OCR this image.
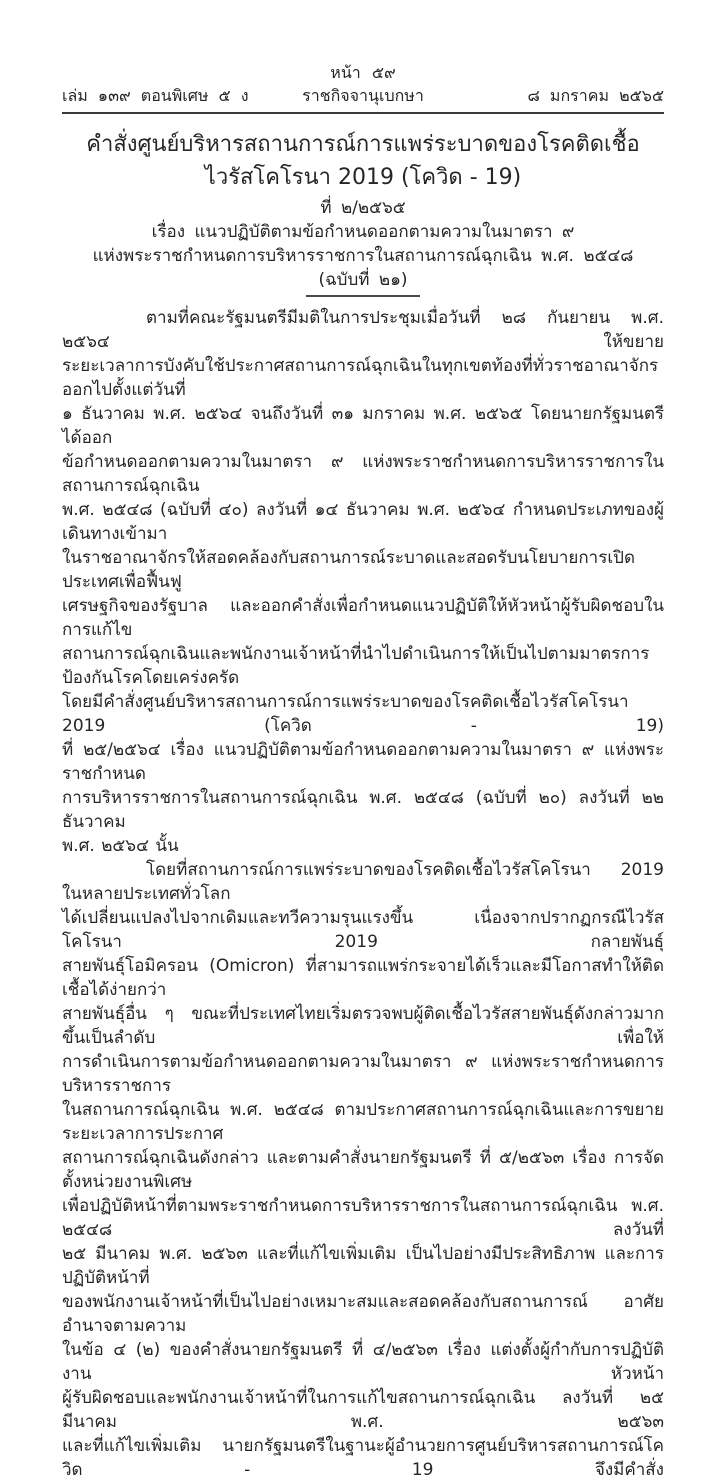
หน้า ๕๙
ราชกิจจานุเบกษา
เล่ม ๑๓๙ ตอนพิเศษ ๕ ง	๘ มกราคม ๒๕๖๕
คำสั่งศูนย์บริหารสถานการณ์การแพร่ระบาดของโรคติดเชื้อ
ไวรัสโคโรนา 2019 (โควิด - 19)
ที่ ๒/๒๕๖๕
เรื่อง แนวปฏิบัติตามข้อกำหนดออกตามความในมาตรา ๙
แห่งพระราชกำหนดการบริหารราชการในสถานการณ์ฉุกเฉิน พ.ศ. ๒๕๔๘
(ฉบับที่ ๒๑)
ตามที่คณะรัฐมนตรีมีมติในการประชุมเมื่อวันที่ ๒๘ กันยายน พ.ศ. ๒๕๖๔ ให้ขยาย
ระยะเวลาการบังคับใช้ประกาศสถานการณ์ฉุกเฉินในทุกเขตท้องที่ทั่วราชอาณาจักรออกไปตั้งแต่วันที่
๑ ธันวาคม พ.ศ. ๒๕๖๔ จนถึงวันที่ ๓๑ มกราคม พ.ศ. ๒๕๖๕ โดยนายกรัฐมนตรีได้ออก
ข้อกำหนดออกตามความในมาตรา ๙ แห่งพระราชกำหนดการบริหารราชการในสถานการณ์ฉุกเฉิน
พ.ศ. ๒๕๔๘ (ฉบับที่ ๔๐) ลงวันที่ ๑๔ ธันวาคม พ.ศ. ๒๕๖๔ กำหนดประเภทของผู้เดินทางเข้ามา
ในราชอาณาจักรให้สอดคล้องกับสถานการณ์ระบาดและสอดรับนโยบายการเปิดประเทศเพื่อฟื้นฟู
เศรษฐกิจของรัฐบาล และออกคำสั่งเพื่อกำหนดแนวปฏิบัติให้หัวหน้าผู้รับผิดชอบในการแก้ไข
สถานการณ์ฉุกเฉินและพนักงานเจ้าหน้าที่นำไปดำเนินการให้เป็นไปตามมาตรการป้องกันโรคโดยเคร่งครัด
โดยมีคำสั่งศูนย์บริหารสถานการณ์การแพร่ระบาดของโรคติดเชื้อไวรัสโคโรนา 2019 (โควิด - 19)
ที่ ๒๕/๒๕๖๔ เรื่อง แนวปฏิบัติตามข้อกำหนดออกตามความในมาตรา ๙ แห่งพระราชกำหนด
การบริหารราชการในสถานการณ์ฉุกเฉิน พ.ศ. ๒๕๔๘ (ฉบับที่ ๒๐) ลงวันที่ ๒๒ ธันวาคม
พ.ศ. ๒๕๖๔ นั้น
โดยที่สถานการณ์การแพร่ระบาดของโรคติดเชื้อไวรัสโคโรนา 2019 ในหลายประเทศทั่วโลก
ได้เปลี่ยนแปลงไปจากเดิมและทวีความรุนแรงขึ้น เนื่องจากปรากฏกรณีไวรัสโคโรนา 2019 กลายพันธุ์
สายพันธุ์โอมิครอน (Omicron) ที่สามารถแพร่กระจายได้เร็วและมีโอกาสทำให้ติดเชื้อได้ง่ายกว่า
สายพันธุ์อื่น ๆ ขณะที่ประเทศไทยเริ่มตรวจพบผู้ติดเชื้อไวรัสสายพันธุ์ดังกล่าวมากขึ้นเป็นลำดับ เพื่อให้
การดำเนินการตามข้อกำหนดออกตามความในมาตรา ๙ แห่งพระราชกำหนดการบริหารราชการ
ในสถานการณ์ฉุกเฉิน พ.ศ. ๒๕๔๘ ตามประกาศสถานการณ์ฉุกเฉินและการขยายระยะเวลาการประกาศ
สถานการณ์ฉุกเฉินดังกล่าว และตามคำสั่งนายกรัฐมนตรี ที่ ๕/๒๕๖๓ เรื่อง การจัดตั้งหน่วยงานพิเศษ
เพื่อปฏิบัติหน้าที่ตามพระราชกำหนดการบริหารราชการในสถานการณ์ฉุกเฉิน พ.ศ. ๒๕๔๘ ลงวันที่
๒๕ มีนาคม พ.ศ. ๒๕๖๓ และที่แก้ไขเพิ่มเติม เป็นไปอย่างมีประสิทธิภาพ และการปฏิบัติหน้าที่
ของพนักงานเจ้าหน้าที่เป็นไปอย่างเหมาะสมและสอดคล้องกับสถานการณ์ อาศัยอำนาจตามความ
ในข้อ ๔ (๒) ของคำสั่งนายกรัฐมนตรี ที่ ๔/๒๕๖๓ เรื่อง แต่งตั้งผู้กำกับการปฏิบัติงาน หัวหน้า
ผู้รับผิดชอบและพนักงานเจ้าหน้าที่ในการแก้ไขสถานการณ์ฉุกเฉิน ลงวันที่ ๒๕ มีนาคม พ.ศ. ๒๕๖๓
และที่แก้ไขเพิ่มเติม นายกรัฐมนตรีในฐานะผู้อำนวยการศูนย์บริหารสถานการณ์โควิด - 19 จึงมีคำสั่ง
